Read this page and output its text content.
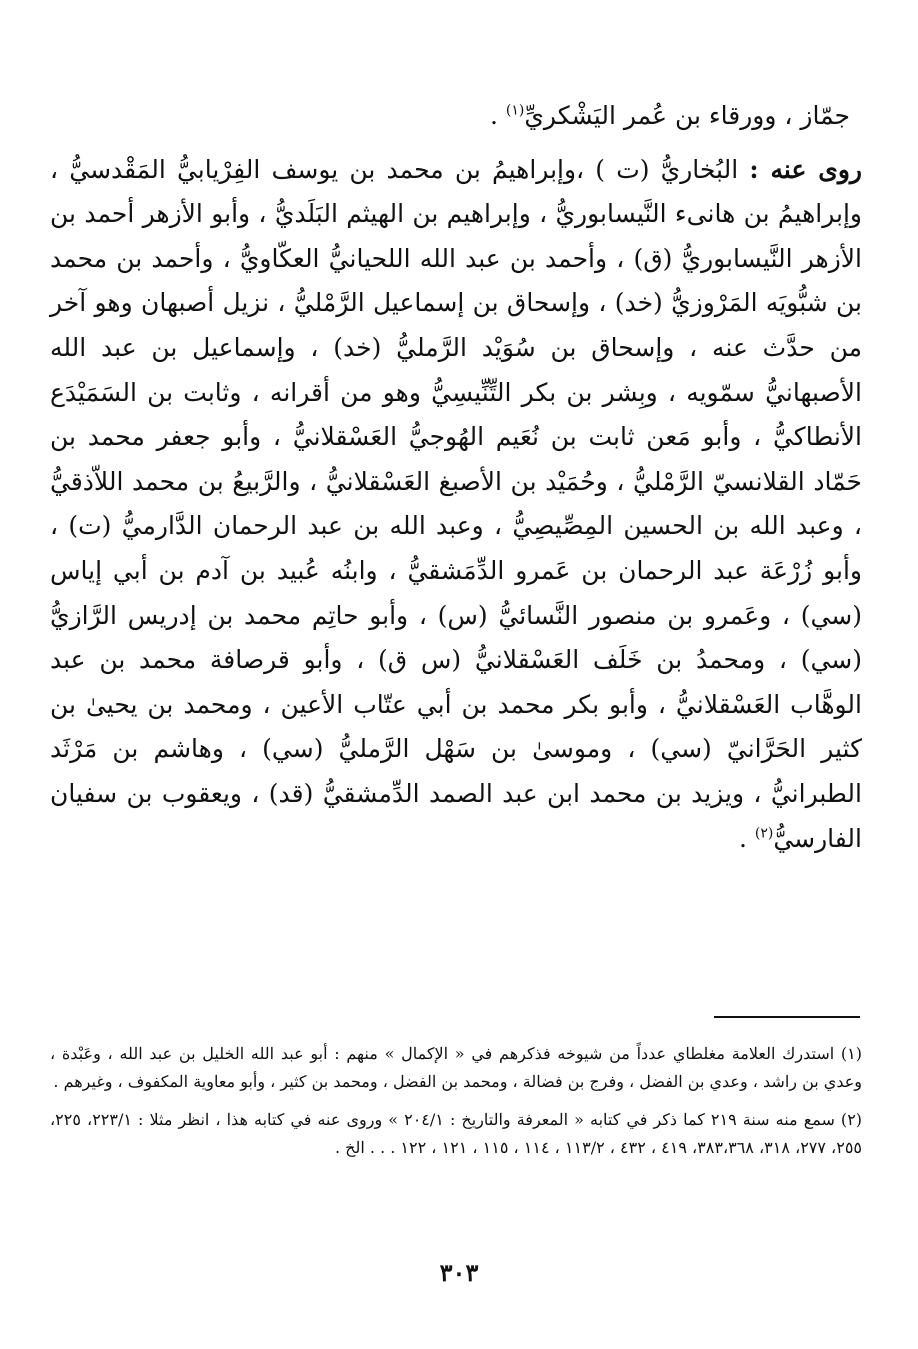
جمّاز ، وورقاء بن عُمر اليَشْكريِّ$^{(١)}$ .

روى عنه : البُخاريُّ (ت ) ،وإبراهيمُ بن محمد بن يوسف الفِرْيابيُّ المَقْدسيُّ ، وإبراهيمُ بن هانىء النَّيسابوريُّ ، وإبراهيم بن الهيثم البَلَديُّ ، وأبو الأزهر أحمد بن الأزهر النَّيسابوريُّ (ق) ، وأحمد بن عبد الله اللحيانيُّ العكّاويُّ ، وأحمد بن محمد بن شبُّويَه المَرْوزيُّ (خد) ، وإسحاق بن إسماعيل الرَّمْليُّ ، نزيل أصبهان وهو آخر من حدَّث عنه ، وإسحاق بن سُوَيْد الرَّمليُّ (خد) ، وإسماعيل بن عبد الله الأصبهانيُّ سمّويه ، وبِشر بن بكر التِّنِّيسِيُّ وهو من أقرانه ، وثابت بن السَمَيْدَع الأنطاكيُّ ، وأبو مَعن ثابت بن نُعَيم الهُوجيُّ العَسْقلانيُّ ، وأبو جعفر محمد بن حَمّاد القلانسيّ الرَّمْليُّ ، وحُمَيْد بن الأصبغ العَسْقلانيُّ ، والرَّبيعُ بن محمد اللاّذقيُّ ، وعبد الله بن الحسين المِصِّيصِيُّ ، وعبد الله بن عبد الرحمان الدَّارميُّ (ت) ، وأبو زُرْعَة عبد الرحمان بن عَمرو الدِّمَشقيُّ ، وابنُه عُبيد بن آدم بن أبي إياس (سي) ، وعَمرو بن منصور النَّسائيُّ (س) ، وأبو حاتِم محمد بن إدريس الرَّازيُّ (سي) ، ومحمدُ بن خَلَف العَسْقلانيُّ (س ق) ، وأبو قرصافة محمد بن عبد الوهَّاب العَسْقلانيُّ ، وأبو بكر محمد بن أبي عتّاب الأعين ، ومحمد بن يحيىٰ بن كثير الحَرَّانيّ (سي) ، وموسىٰ بن سَهْل الرَّمليُّ (سي) ، وهاشم بن مَرْثَد الطبرانيُّ ، ويزيد بن محمد ابن عبد الصمد الدِّمشقيُّ (قد) ، ويعقوب بن سفيان الفارسيُّ$^{(٢)}$ .

(١) استدرك العلامة مغلطاي عدداً من شيوخه فذكرهم في « الإكمال » منهم : أبو عبد الله الخليل بن عبد الله ، وعَبْدة ، وعدي بن راشد ، وعدي بن الفضل ، وفرج بن فضالة ، ومحمد بن الفضل ، ومحمد بن كثير ، وأبو معاوية المكفوف ، وغيرهم .

(٢) سمع منه سنة ٢١٩ كما ذكر في كتابه « المعرفة والتاريخ : ٢٠٤/١ » وروى عنه في كتابه هذا ، انظر مثلا : ٢٢٣/١، ٢٢٥، ٢٥٥، ٢٧٧، ٣١٨، ٣٨٣،٣٦٨، ٤١٩ ، ٤٣٢ ، ١١٣/٢ ، ١١٤ ، ١١٥ ، ١٢١ ، ١٢٢ . . . الخ .

٣٠٣
